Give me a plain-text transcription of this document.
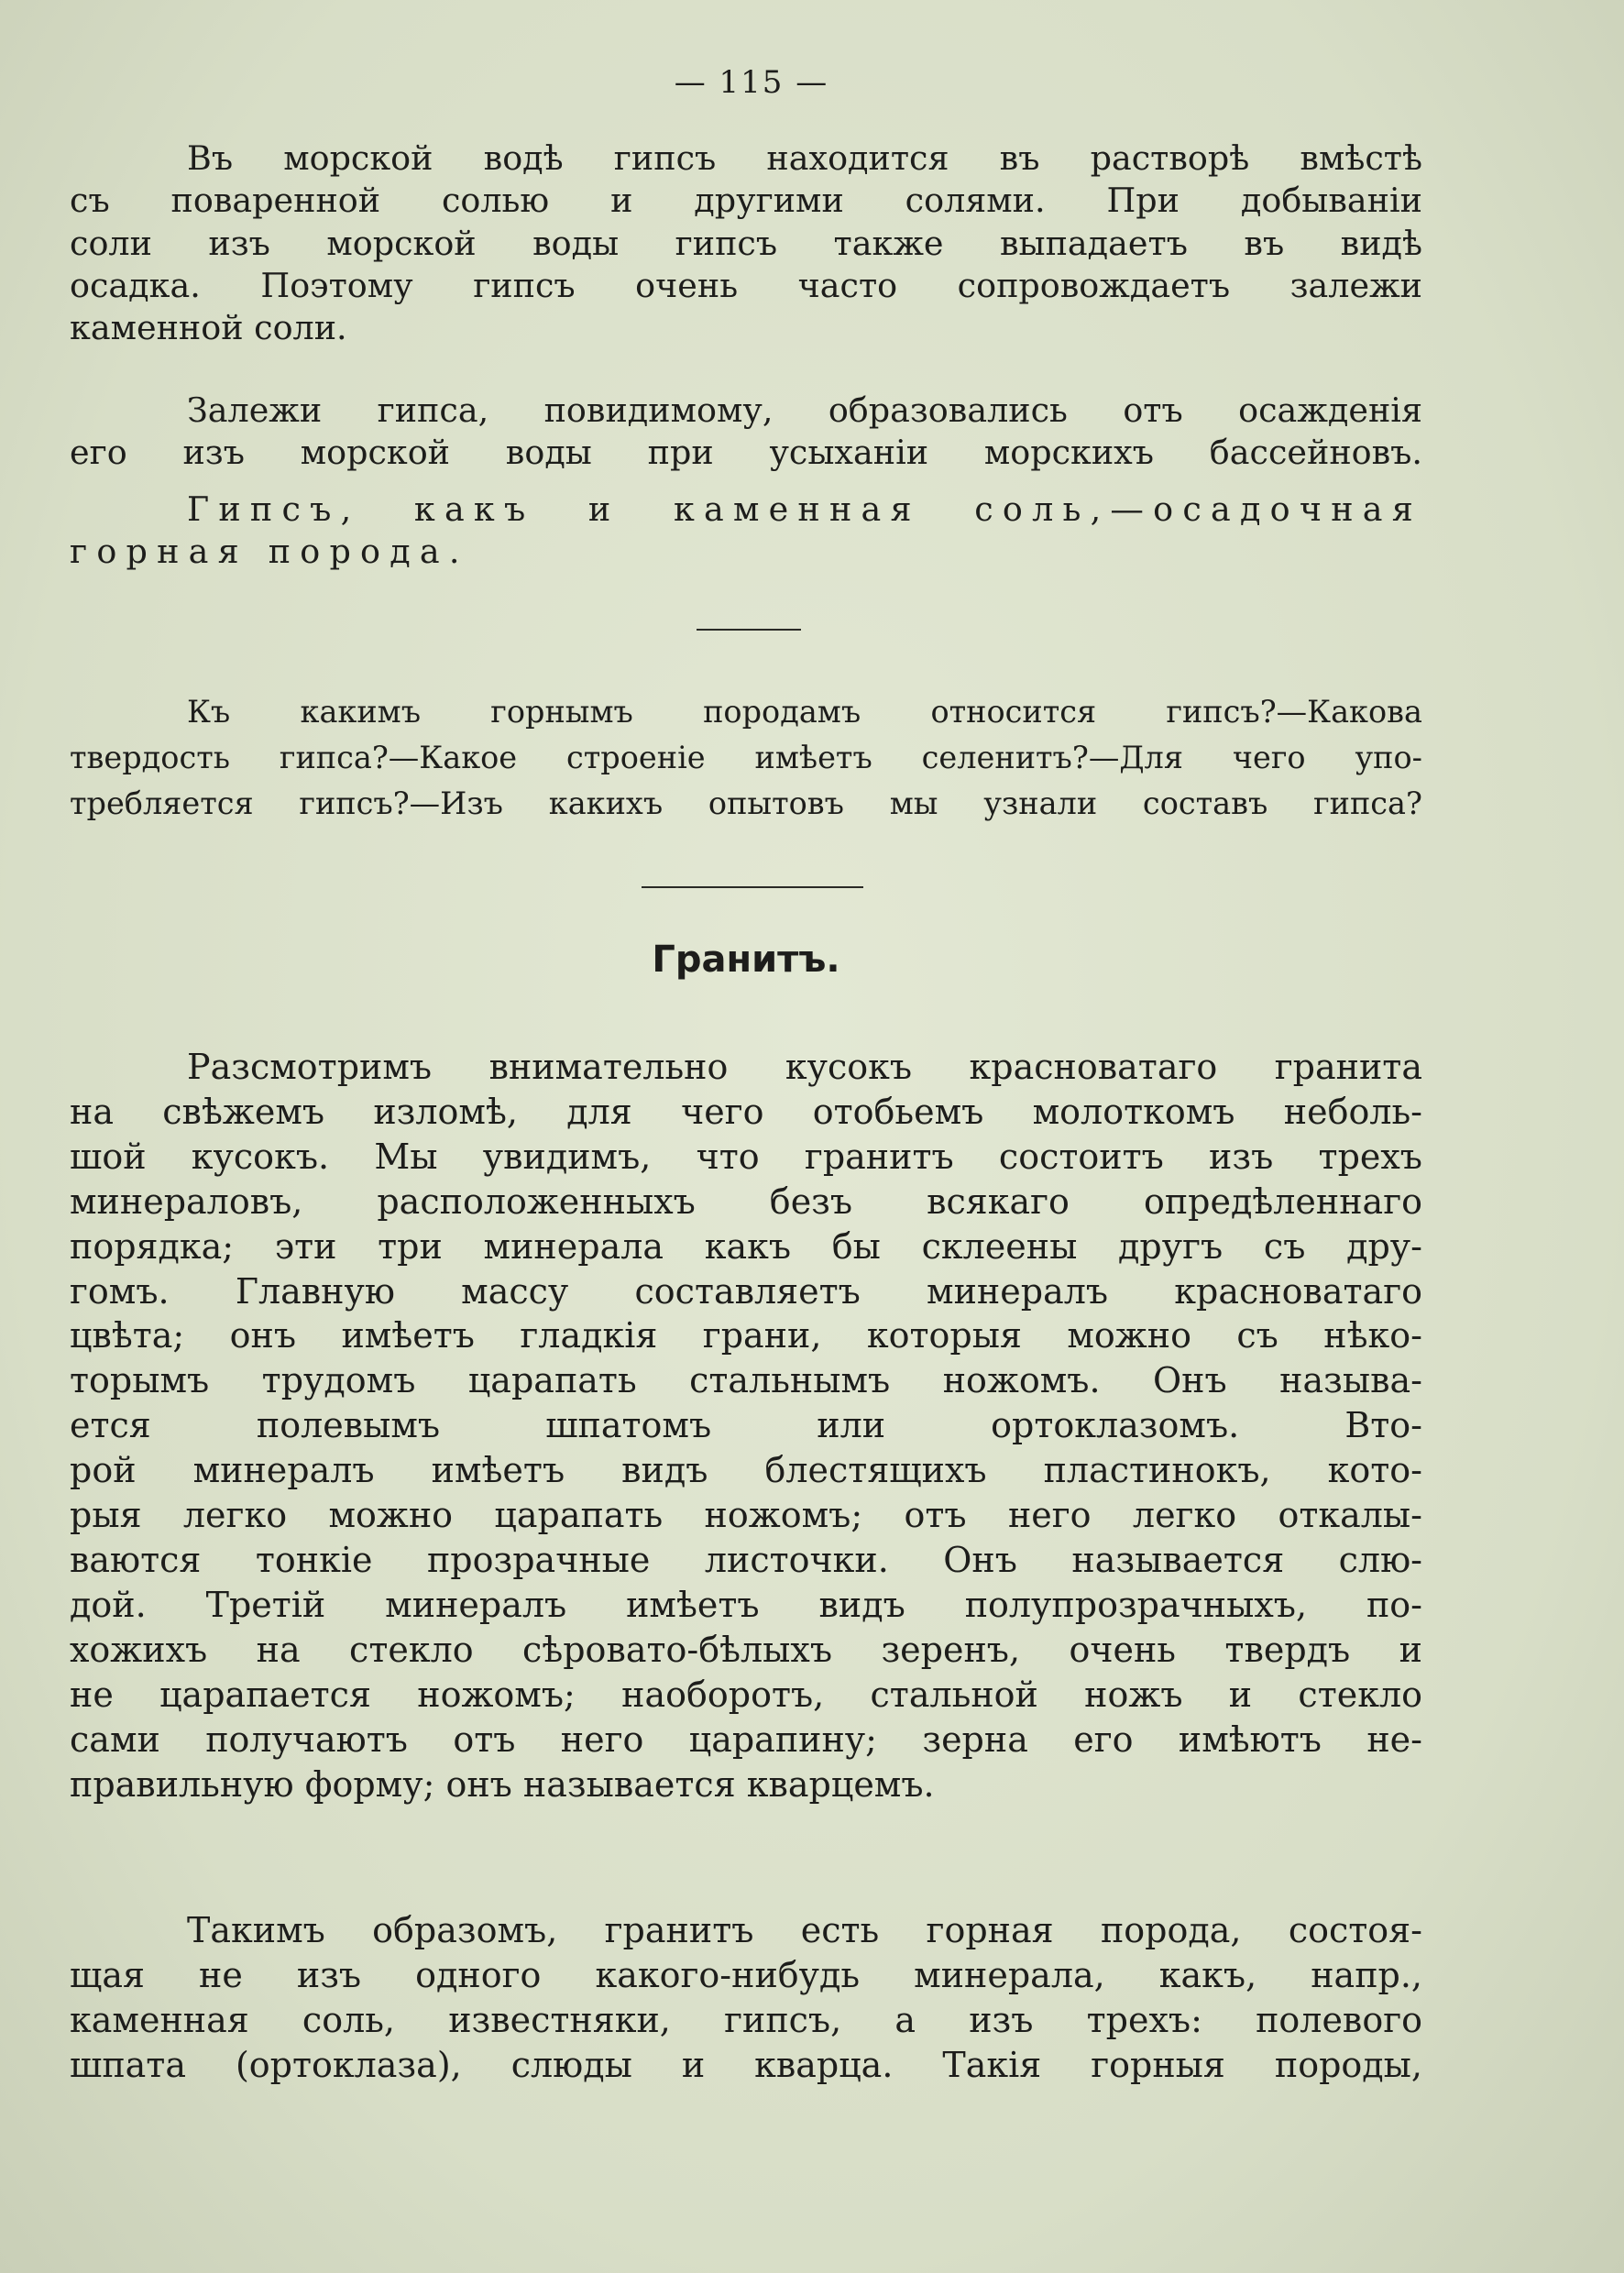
— 115 —
Въ морской водѣ гипсъ находится въ растворѣ вмѣстѣ
съ поваренной солью и другими солями. При добываніи
соли изъ морской воды гипсъ также выпадаетъ въ видѣ
осадка. Поэтому гипсъ очень часто сопровождаетъ залежи
каменной соли.
Залежи гипса, повидимому, образовались отъ осажденія
его изъ морской воды при усыханіи морскихъ бассейновъ.
Гипсъ, какъ и каменная соль,—осадочная
горная порода.
Къ какимъ горнымъ породамъ относится гипсъ?—Какова
твердость гипса?—Какое строеніе имѣетъ селенитъ?—Для чего упо-
требляется гипсъ?—Изъ какихъ опытовъ мы узнали составъ гипса?
Гранитъ.
Разсмотримъ внимательно кусокъ красноватаго гранита
на свѣжемъ изломѣ, для чего отобьемъ молоткомъ неболь-
шой кусокъ. Мы увидимъ, что гранитъ состоитъ изъ трехъ
минераловъ, расположенныхъ безъ всякаго опредѣленнаго
порядка; эти три минерала какъ бы склеены другъ съ дру-
гомъ. Главную массу составляетъ минералъ красноватаго
цвѣта; онъ имѣетъ гладкія грани, которыя можно съ нѣко-
торымъ трудомъ царапать стальнымъ ножомъ. Онъ называ-
ется полевымъ шпатомъ или ортоклазомъ. Вто-
рой минералъ имѣетъ видъ блестящихъ пластинокъ, кото-
рыя легко можно царапать ножомъ; отъ него легко откалы-
ваются тонкіе прозрачные листочки. Онъ называется слю-
дой. Третій минералъ имѣетъ видъ полупрозрачныхъ, по-
хожихъ на стекло сѣровато-бѣлыхъ зеренъ, очень твердъ и
не царапается ножомъ; наоборотъ, стальной ножъ и стекло
сами получаютъ отъ него царапину; зерна его имѣютъ не-
правильную форму; онъ называется кварцемъ.
Такимъ образомъ, гранитъ есть горная порода, состоя-
щая не изъ одного какого-нибудь минерала, какъ, напр.,
каменная соль, известняки, гипсъ, а изъ трехъ: полевого
шпата (ортоклаза), слюды и кварца. Такія горныя породы,
